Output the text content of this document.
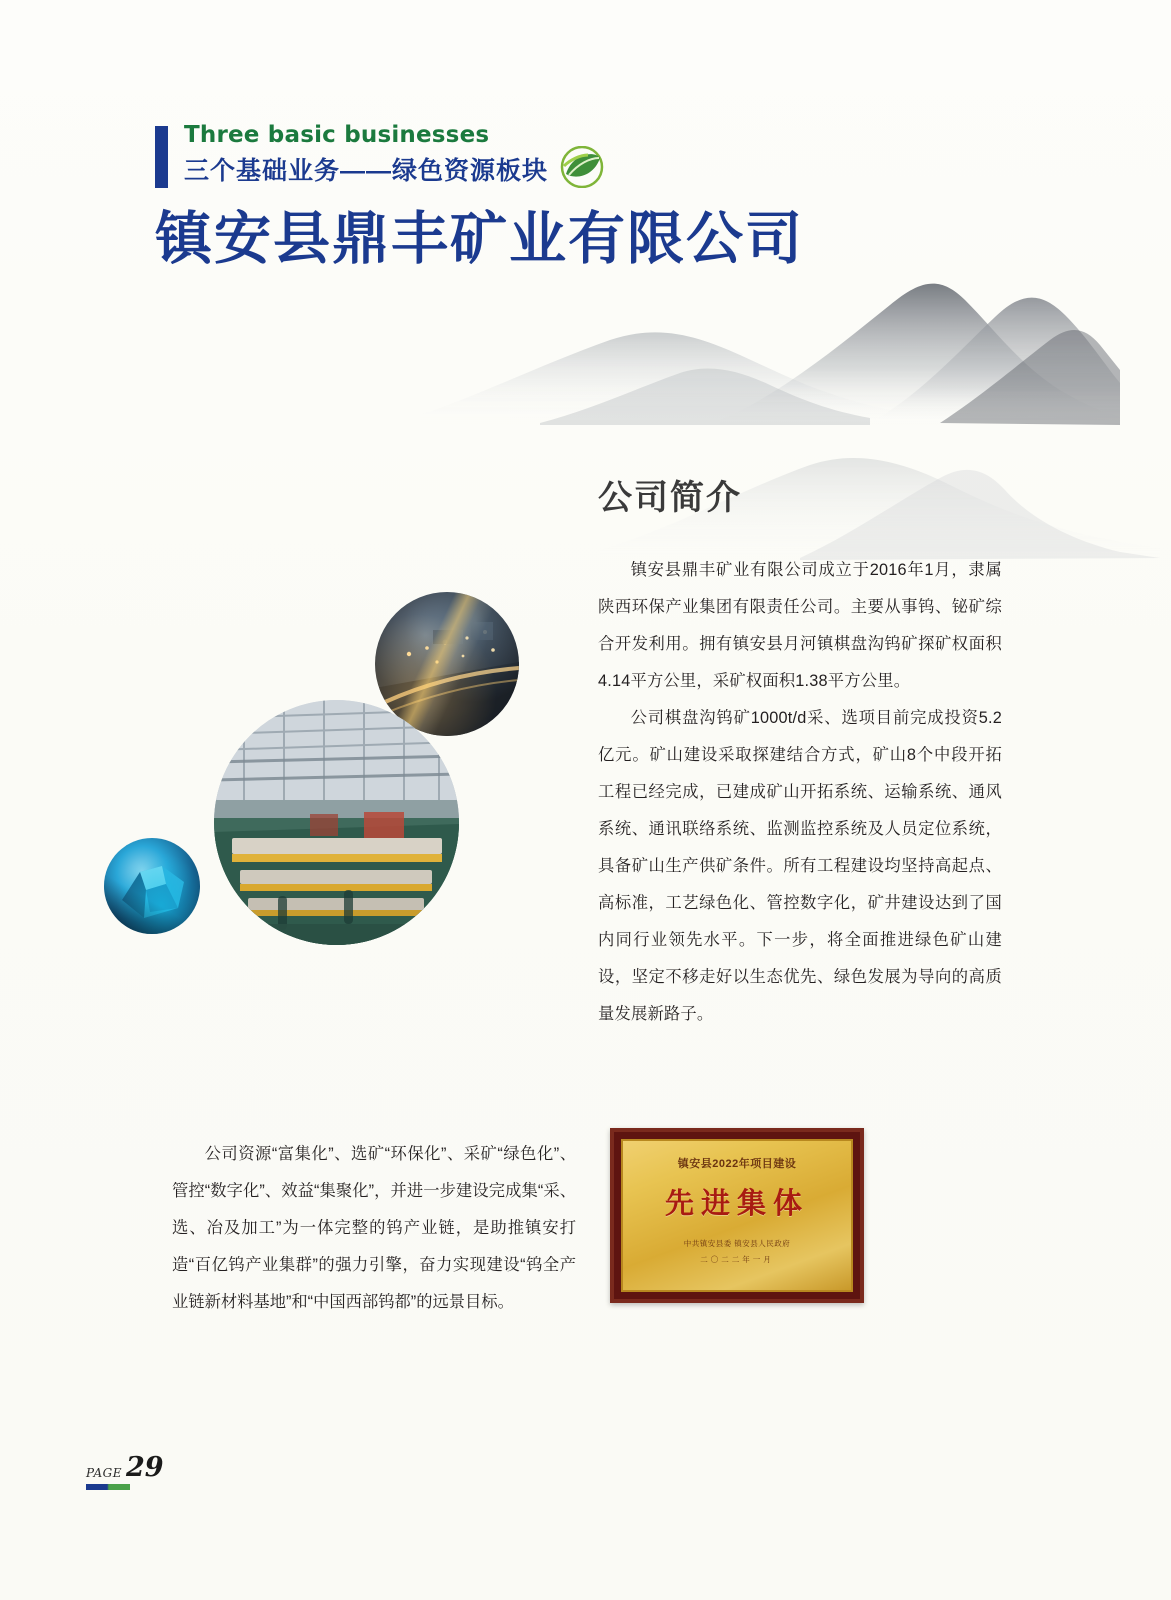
Three basic businesses
三个基础业务——绿色资源板块
镇安县鼎丰矿业有限公司
公司简介

镇安县鼎丰矿业有限公司成立于2016年1月，隶属陕西环保产业集团有限责任公司。主要从事钨、铋矿综合开发利用。拥有镇安县月河镇棋盘沟钨矿探矿权面积4.14平方公里，采矿权面积1.38平方公里。

公司棋盘沟钨矿1000t/d采、选项目前完成投资5.2亿元。矿山建设采取探建结合方式，矿山8个中段开拓工程已经完成，已建成矿山开拓系统、运输系统、通风系统、通讯联络系统、监测监控系统及人员定位系统，具备矿山生产供矿条件。所有工程建设均坚持高起点、高标准，工艺绿色化、管控数字化，矿井建设达到了国内同行业领先水平。下一步，将全面推进绿色矿山建设，坚定不移走好以生态优先、绿色发展为导向的高质量发展新路子。

公司资源“富集化”、选矿“环保化”、采矿“绿色化”、管控“数字化”、效益“集聚化”，并进一步建设完成集“采、选、冶及加工”为一体完整的钨产业链，是助推镇安打造“百亿钨产业集群”的强力引擎，奋力实现建设“钨全产业链新材料基地”和“中国西部钨都”的远景目标。

镇安县2022年项目建设
先进集体
中共镇安县委 镇安县人民政府
二〇二二年一月
PAGE 29
